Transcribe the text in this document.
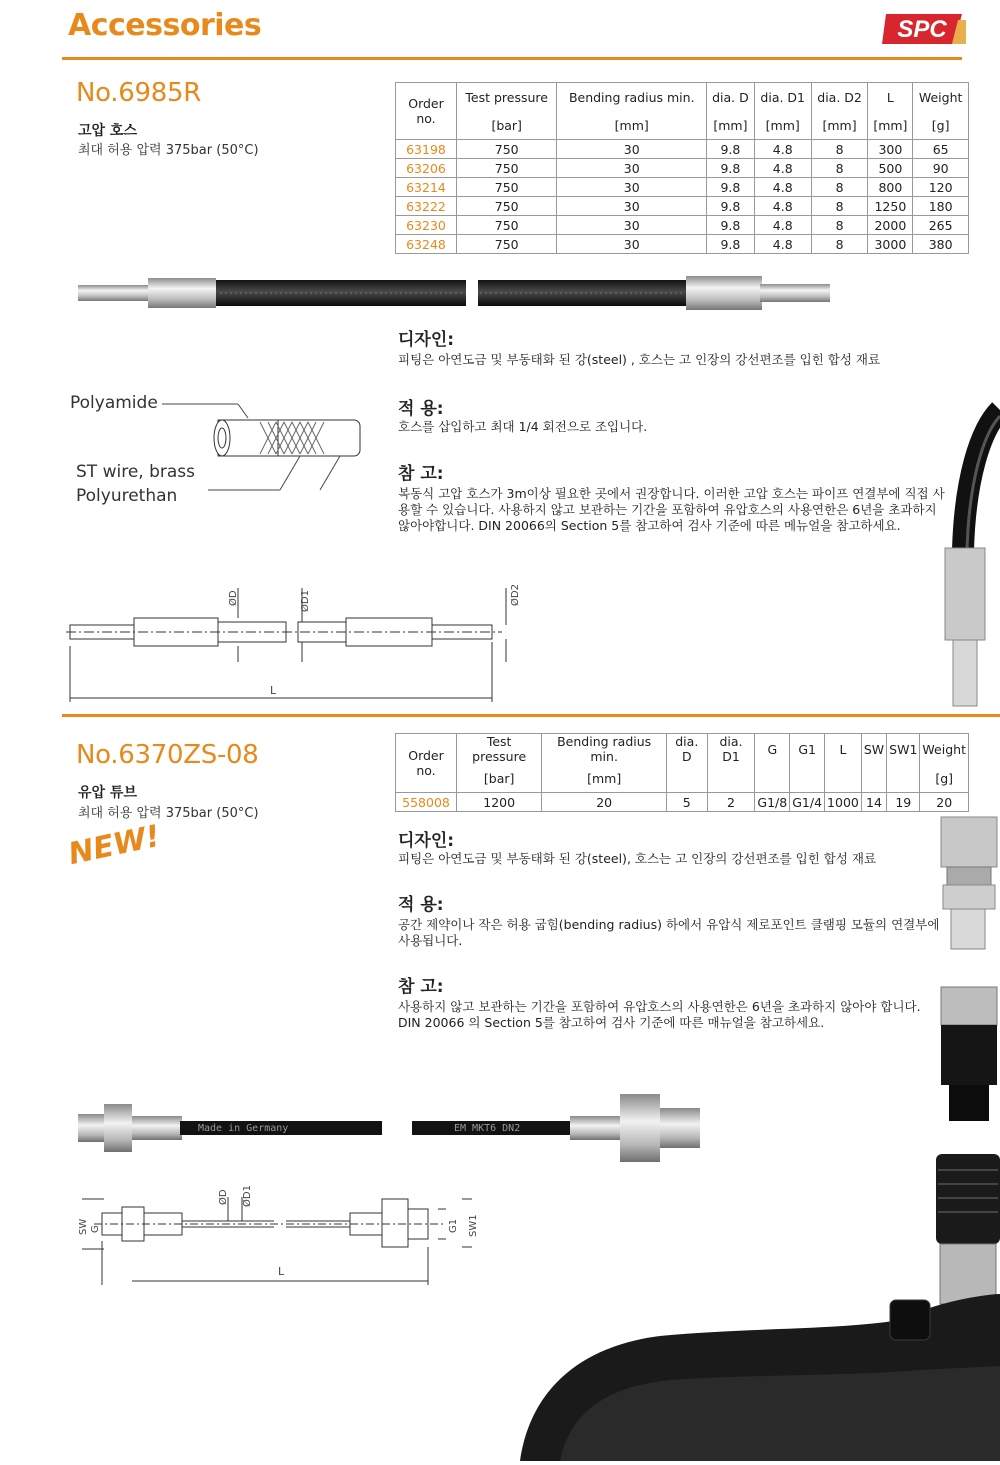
Accessories	SPC
No.6985R
고압 호스
최대 허용 압력 375bar (50°C)
Order no.	Test pressure	Bending radius min.	dia. D	dia. D1	dia. D2	L	Weight
	[bar]	[mm]	[mm]	[mm]	[mm]	[mm]	[g]
63198	750	30	9.8	4.8	8	300	65
63206	750	30	9.8	4.8	8	500	90
63214	750	30	9.8	4.8	8	800	120
63222	750	30	9.8	4.8	8	1250	180
63230	750	30	9.8	4.8	8	2000	265
63248	750	30	9.8	4.8	8	3000	380
디자인:
피팅은 아연도금 및 부동태화 된 강(steel) , 호스는 고 인장의 강선편조를 입힌 합성 재료
적 용:
호스를 삽입하고 최대 1/4 회전으로 조입니다.
참 고:
복동식 고압 호스가 3m이상 필요한 곳에서 권장합니다. 이러한 고압 호스는 파이프 연결부에 직접 사
용할 수 있습니다. 사용하지 않고 보관하는 기간을 포함하여 유압호스의 사용연한은 6년을 초과하지
않아야합니다. DIN 20066의 Section 5를 참고하여 검사 기준에 따른 메뉴얼을 참고하세요.
Polyamide
ST wire, brass
Polyurethan
ØD	ØD1	ØD2
L
No.6370ZS-08
유압 튜브
최대 허용 압력 375bar (50°C)
NEW!
Order no.	Test pressure	Bending radius min.	dia. D	dia. D1	G	G1	L	SW	SW1	Weight
	[bar]	[mm]								[g]
558008	1200	20	5	2	G1/8	G1/4	1000	14	19	20
디자인:
피팅은 아연도금 및 부동태화 된 강(steel), 호스는 고 인장의 강선편조를 입힌 합성 재료
적 용:
공간 제약이나 작은 허용 굽힘(bending radius) 하에서 유압식 제로포인트 클램핑 모듈의 연결부에
사용됩니다.
참 고:
사용하지 않고 보관하는 기간을 포함하여 유압호스의 사용연한은 6년을 초과하지 않아야 합니다.
DIN 20066 의 Section 5를 참고하여 검사 기준에 따른 매뉴얼을 참고하세요.
Made in Germany	EM MKT6 DN2
SW G
ØD ØD1
G1 SW1
L
